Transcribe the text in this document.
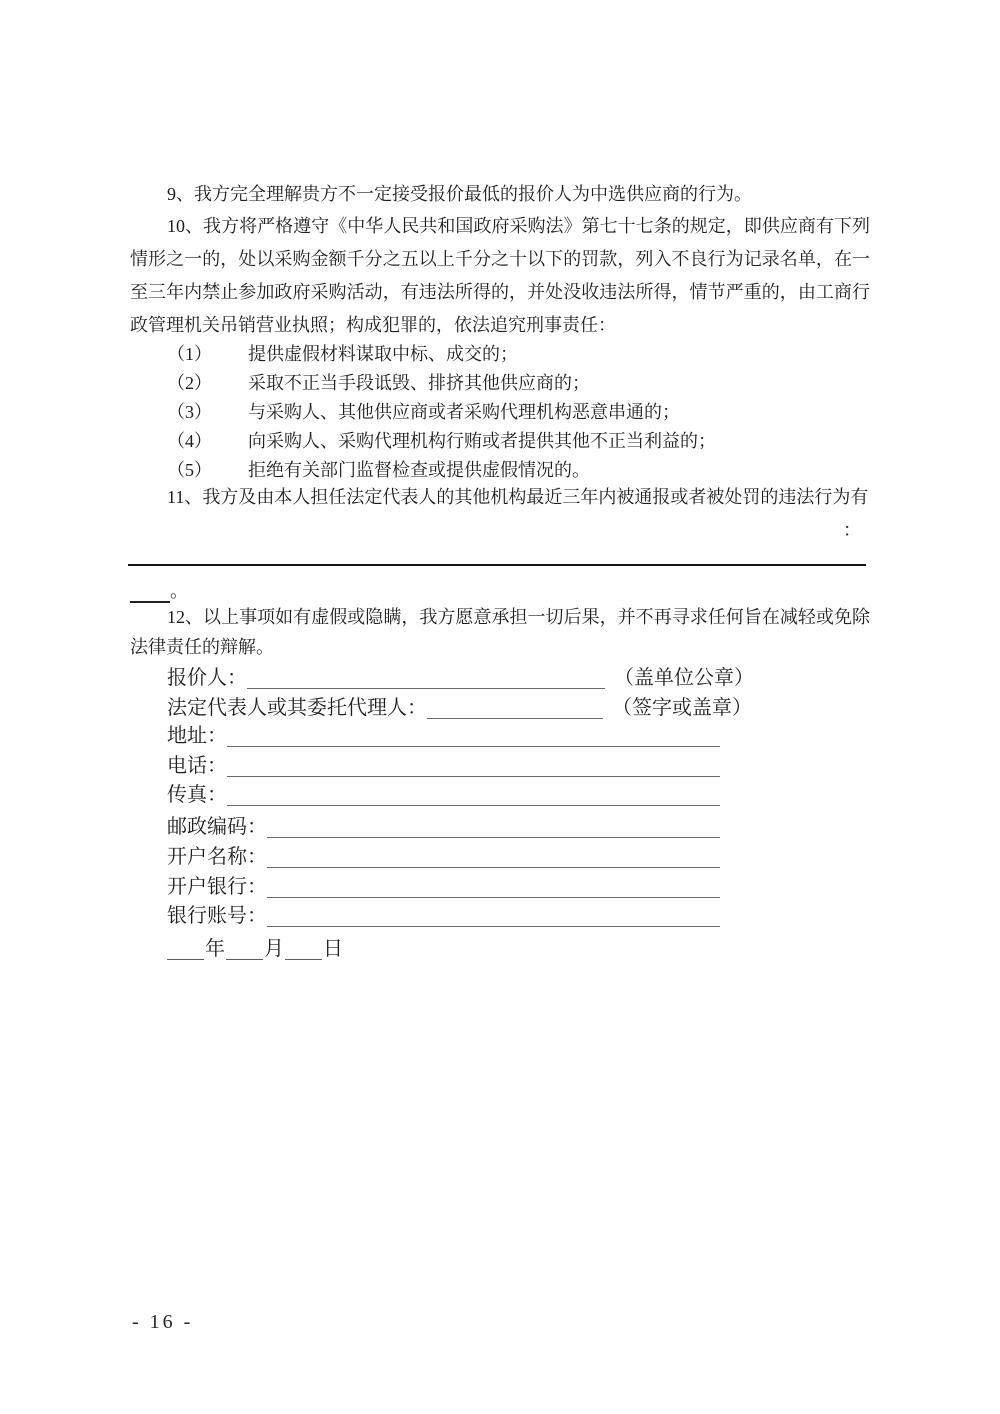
9、我方完全理解贵方不一定接受报价最低的报价人为中选供应商的行为。
10、我方将严格遵守《中华人民共和国政府采购法》第七十七条的规定，即供应商有下列情形之一的，处以采购金额千分之五以上千分之十以下的罚款，列入不良行为记录名单，在一至三年内禁止参加政府采购活动，有违法所得的，并处没收违法所得，情节严重的，由工商行政管理机关吊销营业执照；构成犯罪的，依法追究刑事责任：
（1） 提供虚假材料谋取中标、成交的；
（2） 采取不正当手段诋毁、排挤其他供应商的；
（3） 与采购人、其他供应商或者采购代理机构恶意串通的；
（4） 向采购人、采购代理机构行贿或者提供其他不正当利益的；
（5） 拒绝有关部门监督检查或提供虚假情况的。
11、我方及由本人担任法定代表人的其他机构最近三年内被通报或者被处罚的违法行为有
：
。
12、以上事项如有虚假或隐瞒，我方愿意承担一切后果，并不再寻求任何旨在减轻或免除法律责任的辩解。
报价人：	（盖单位公章）
法定代表人或其委托代理人：	（签字或盖章）
地址：
电话：
传真：
邮政编码：
开户名称：
开户银行：
银行账号：
年 月 日
- 16 -
